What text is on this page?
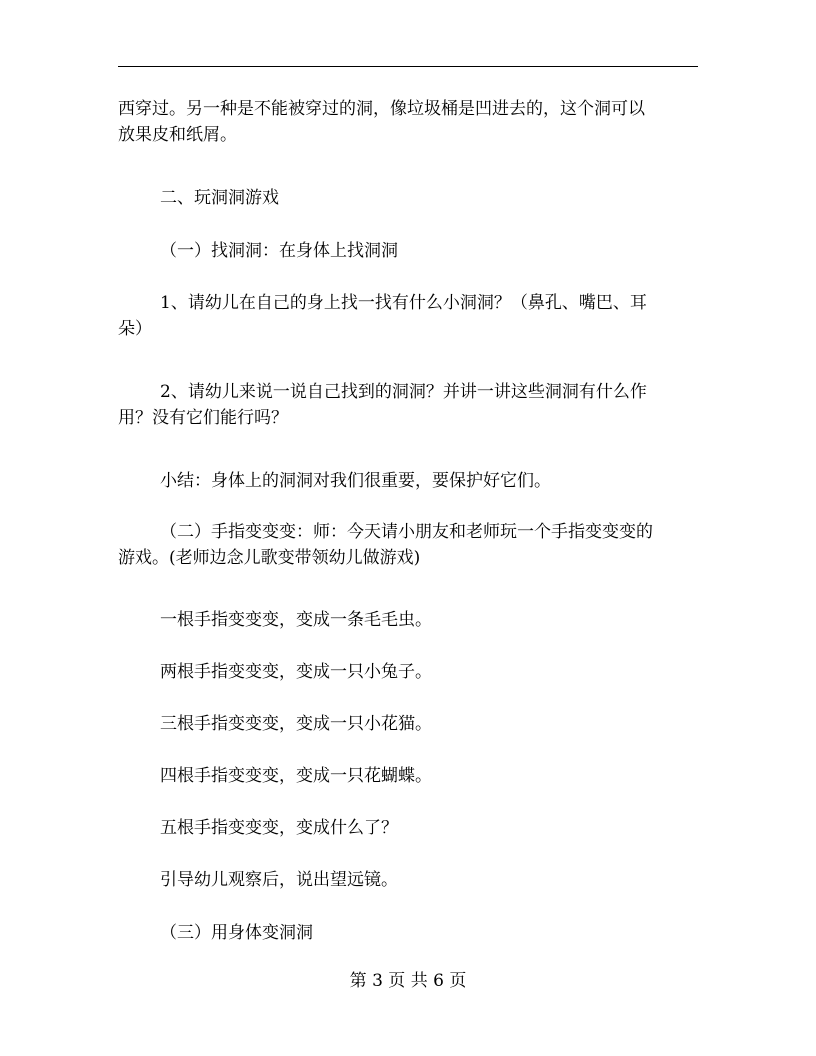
西穿过。另一种是不能被穿过的洞，像垃圾桶是凹进去的，这个洞可以
放果皮和纸屑。
二、玩洞洞游戏
（一）找洞洞：在身体上找洞洞
1、请幼儿在自己的身上找一找有什么小洞洞？（鼻孔、嘴巴、耳
朵）
2、请幼儿来说一说自己找到的洞洞？并讲一讲这些洞洞有什么作
用？没有它们能行吗？
小结：身体上的洞洞对我们很重要，要保护好它们。
（二）手指变变变：师：今天请小朋友和老师玩一个手指变变变的
游戏。(老师边念儿歌变带领幼儿做游戏)
一根手指变变变，变成一条毛毛虫。
两根手指变变变，变成一只小兔子。
三根手指变变变，变成一只小花猫。
四根手指变变变，变成一只花蝴蝶。
五根手指变变变，变成什么了？
引导幼儿观察后，说出望远镜。
（三）用身体变洞洞
第 3 页 共 6 页
